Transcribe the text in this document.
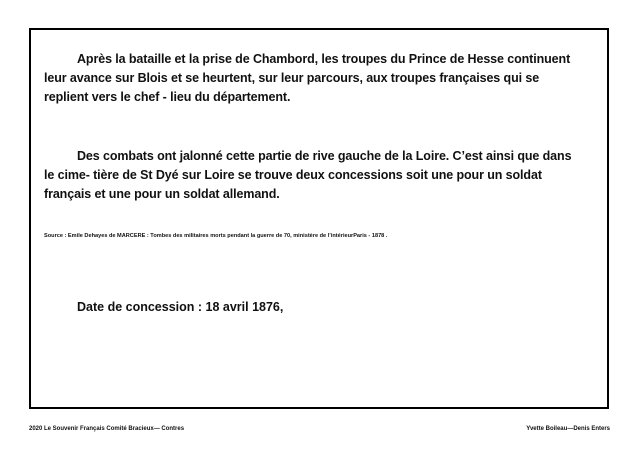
Après la bataille et la prise de Chambord, les troupes du Prince de Hesse continuent leur avance sur Blois et se heurtent, sur leur parcours, aux troupes françaises qui se replient vers le chef - lieu du département.

Des combats ont jalonné cette partie de rive gauche de la Loire. C’est ainsi que dans le cime- tière de St Dyé sur Loire se trouve deux concessions soit une pour un soldat français et une pour un soldat allemand.

Source : Emile Dehayes de MARCERE : Tombes des militaires morts pendant la guerre de 70, ministère de l’intérieurParis - 1878 .

Date de concession : 18 avril 1876,

2020 Le Souvenir Français Comité Bracieux— Contres	Yvette Boileau—Denis Enters
